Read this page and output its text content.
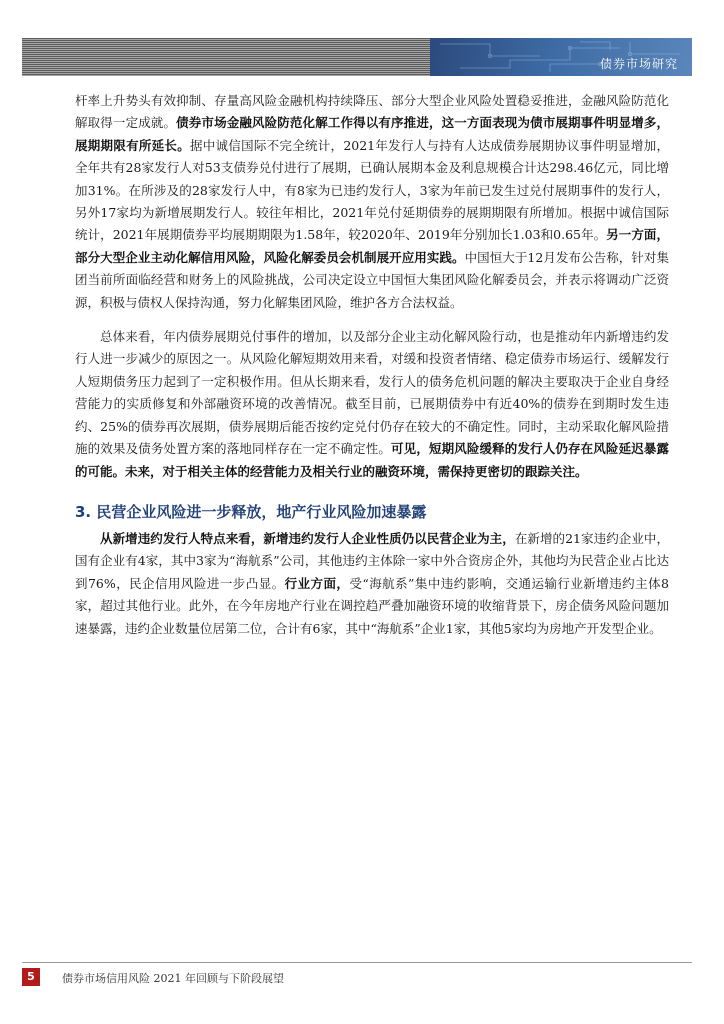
债券市场研究

杆率上升势头有效抑制、存量高风险金融机构持续降压、部分大型企业风险处置稳妥推进，金融风险防范化解取得一定成就。债券市场金融风险防范化解工作得以有序推进，这一方面表现为债市展期事件明显增多，展期期限有所延长。据中诚信国际不完全统计，2021年发行人与持有人达成债券展期协议事件明显增加，全年共有28家发行人对53支债券兑付进行了展期，已确认展期本金及利息规模合计达298.46亿元，同比增加31%。在所涉及的28家发行人中，有8家为已违约发行人，3家为年前已发生过兑付展期事件的发行人，另外17家均为新增展期发行人。较往年相比，2021年兑付延期债券的展期期限有所增加。根据中诚信国际统计，2021年展期债券平均展期期限为1.58年，较2020年、2019年分别加长1.03和0.65年。另一方面，部分大型企业主动化解信用风险，风险化解委员会机制展开应用实践。中国恒大于12月发布公告称，针对集团当前所面临经营和财务上的风险挑战，公司决定设立中国恒大集团风险化解委员会，并表示将调动广泛资源，积极与债权人保持沟通，努力化解集团风险，维护各方合法权益。

总体来看，年内债券展期兑付事件的增加，以及部分企业主动化解风险行动，也是推动年内新增违约发行人进一步减少的原因之一。从风险化解短期效用来看，对缓和投资者情绪、稳定债券市场运行、缓解发行人短期债务压力起到了一定积极作用。但从长期来看，发行人的债务危机问题的解决主要取决于企业自身经营能力的实质修复和外部融资环境的改善情况。截至目前，已展期债券中有近40%的债券在到期时发生违约、25%的债券再次展期，债券展期后能否按约定兑付仍存在较大的不确定性。同时，主动采取化解风险措施的效果及债务处置方案的落地同样存在一定不确定性。可见，短期风险缓释的发行人仍存在风险延迟暴露的可能。未来，对于相关主体的经营能力及相关行业的融资环境，需保持更密切的跟踪关注。

3. 民营企业风险进一步释放，地产行业风险加速暴露

从新增违约发行人特点来看，新增违约发行人企业性质仍以民营企业为主，在新增的21家违约企业中，国有企业有4家，其中3家为“海航系”公司，其他违约主体除一家中外合资房企外，其他均为民营企业占比达到76%，民企信用风险进一步凸显。行业方面，受“海航系”集中违约影响，交通运输行业新增违约主体8家，超过其他行业。此外，在今年房地产行业在调控趋严叠加融资环境的收缩背景下，房企债务风险问题加速暴露，违约企业数量位居第二位，合计有6家，其中“海航系”企业1家，其他5家均为房地产开发型企业。

5	债券市场信用风险 2021 年回顾与下阶段展望
